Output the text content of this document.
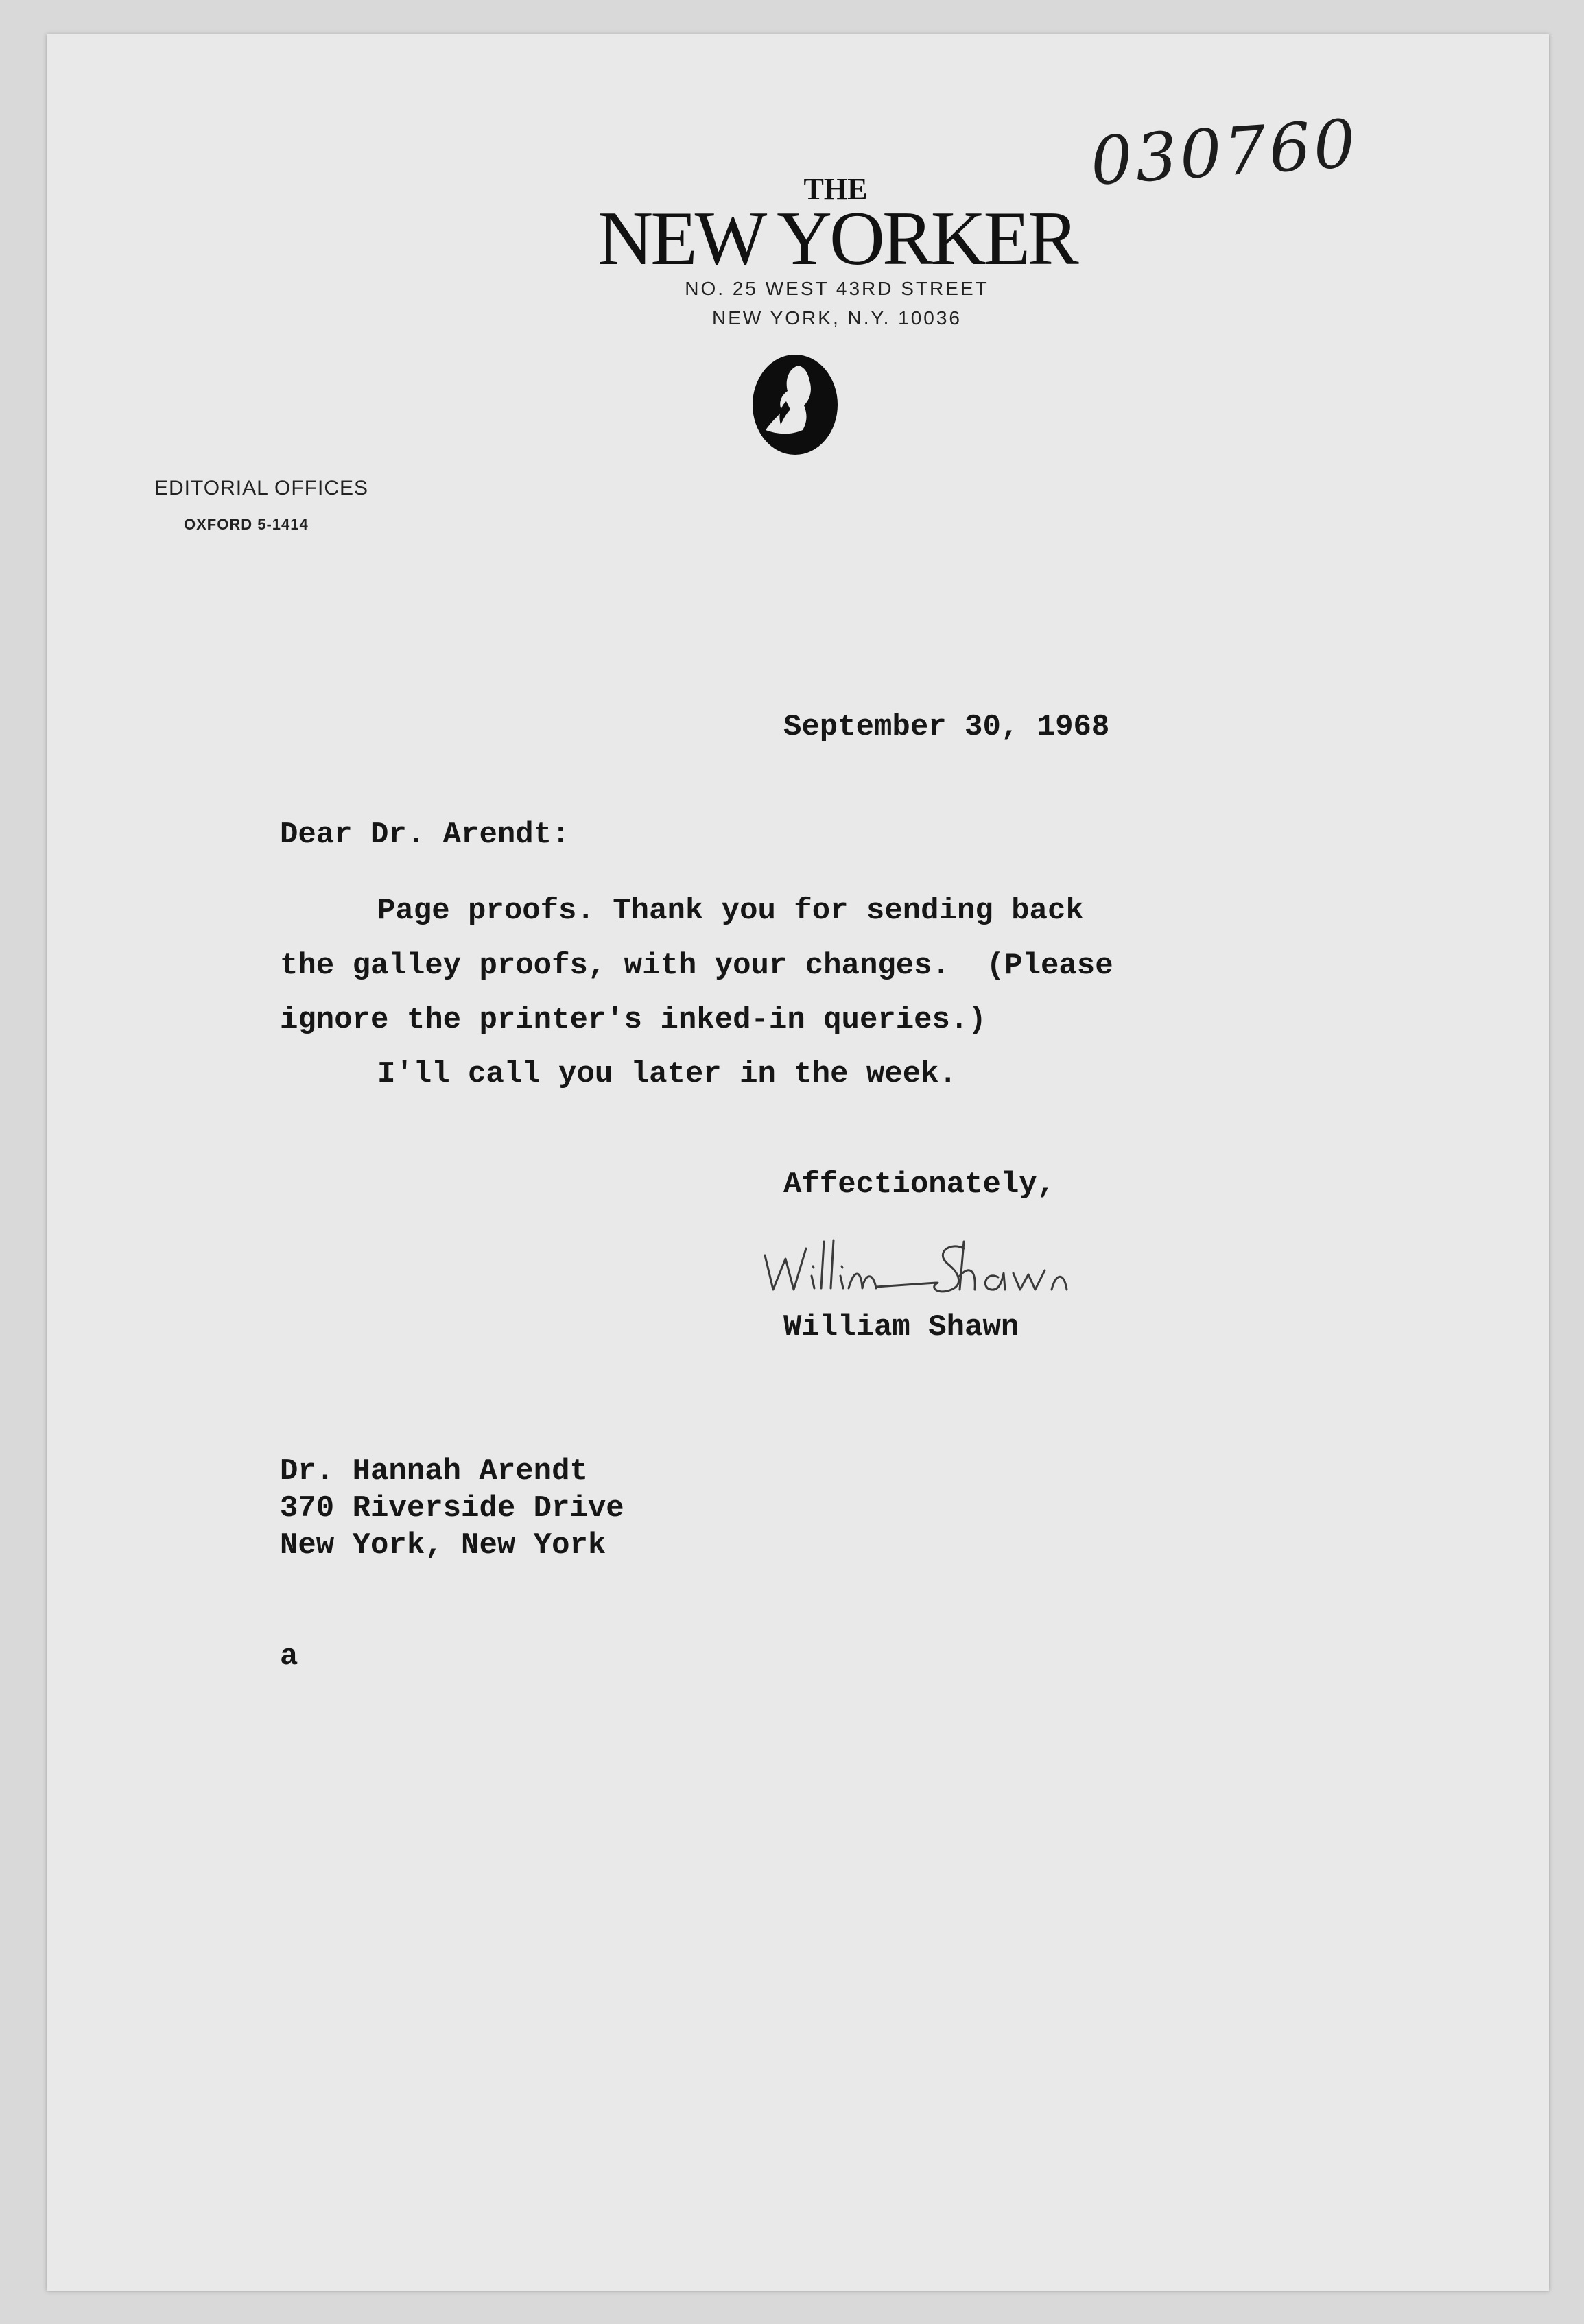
030760
THE
NEW YORKER
NO. 25 WEST 43RD STREET
NEW YORK, N.Y. 10036
EDITORIAL OFFICES
OXFORD 5-1414
September 30, 1968
Dear Dr. Arendt:
Page proofs. Thank you for sending back
the galley proofs, with your changes.  (Please
ignore the printer's inked-in queries.)
I'll call you later in the week.
Affectionately,
William Shawn
Dr. Hannah Arendt
370 Riverside Drive
New York, New York
a
